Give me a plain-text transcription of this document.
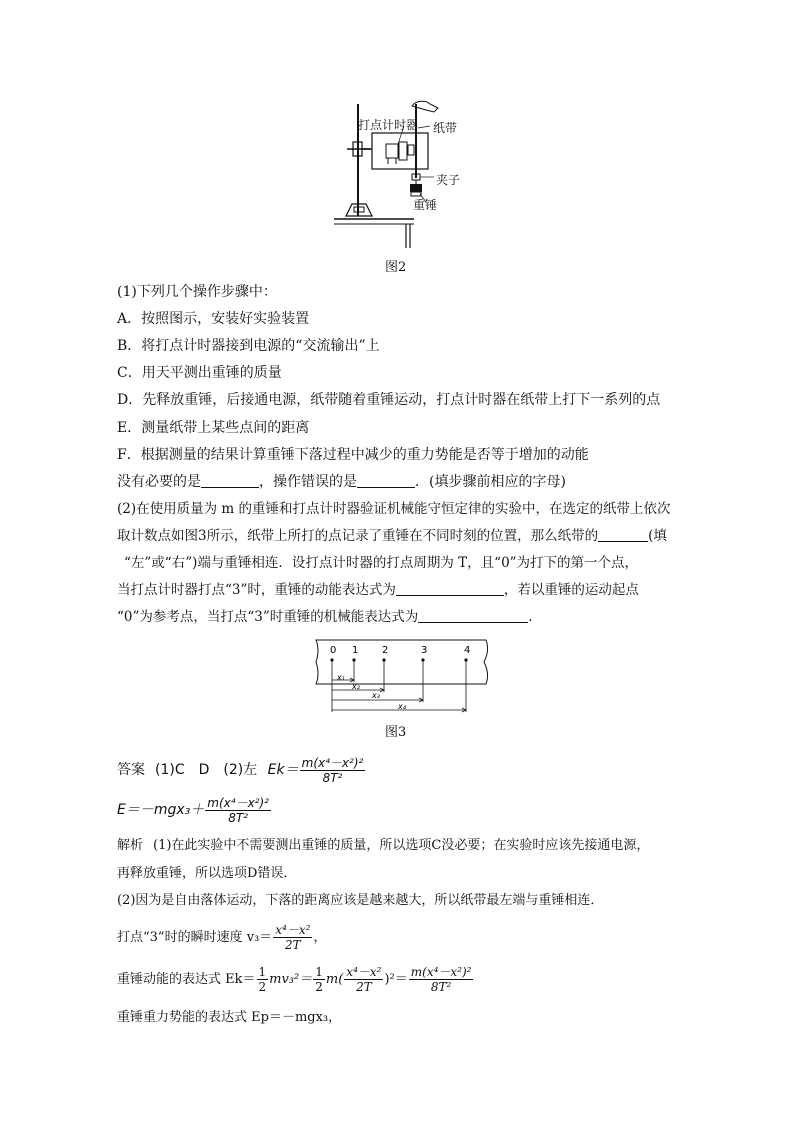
打点计时器 纸带
夹子
重锤
图2
(1)下列几个操作步骤中：
A．按照图示，安装好实验装置
B．将打点计时器接到电源的“交流输出”上
C．用天平测出重锤的质量
D．先释放重锤，后接通电源，纸带随着重锤运动，打点计时器在纸带上打下一系列的点
E．测量纸带上某些点间的距离
F．根据测量的结果计算重锤下落过程中减少的重力势能是否等于增加的动能
没有必要的是	，操作错误的是	．(填步骤前相应的字母)
(2)在使用质量为 m 的重锤和打点计时器验证机械能守恒定律的实验中，在选定的纸带上依次
取计数点如图3所示，纸带上所打的点记录了重锤在不同时刻的位置，那么纸带的	(填
“左”或“右”)端与重锤相连．设打点计时器的打点周期为 T，且“0”为打下的第一个点，
当打点计时器打点“3”时，重锤的动能表达式为	，若以重锤的运动起点
“0”为参考点，当打点“3”时重锤的机械能表达式为	．
0 1 2	3	4
x₁
x₂
x₃
x₄
图3
答案 (1)C　D　(2)左 $Ek= \frac{\text{m(x⁴－x²)²}}{\text{8T²}}$
$E=-mgx_3+ \frac{\text{m(x⁴－x²)²}}{\text{8T²}}$
解析 (1)在此实验中不需要测出重锤的质量，所以选项C没必要；在实验时应该先接通电源，
再释放重锤，所以选项D错误．
(2)因为是自由落体运动，下落的距离应该是越来越大，所以纸带最左端与重锤相连．
打点“3”时的瞬时速度 $v_3= \frac{\text{x⁴－x²}}{2T}$ ，
重锤动能的表达式 $Ek= \frac{1}{2} mv_3^2= \frac{1}{2} m( \frac{\text{x⁴－x²}}{2T} )^2= \frac{\text{m(x⁴－x²)²}}{\text{8T²}}$
重锤重力势能的表达式 Ep＝－mgx₃，
